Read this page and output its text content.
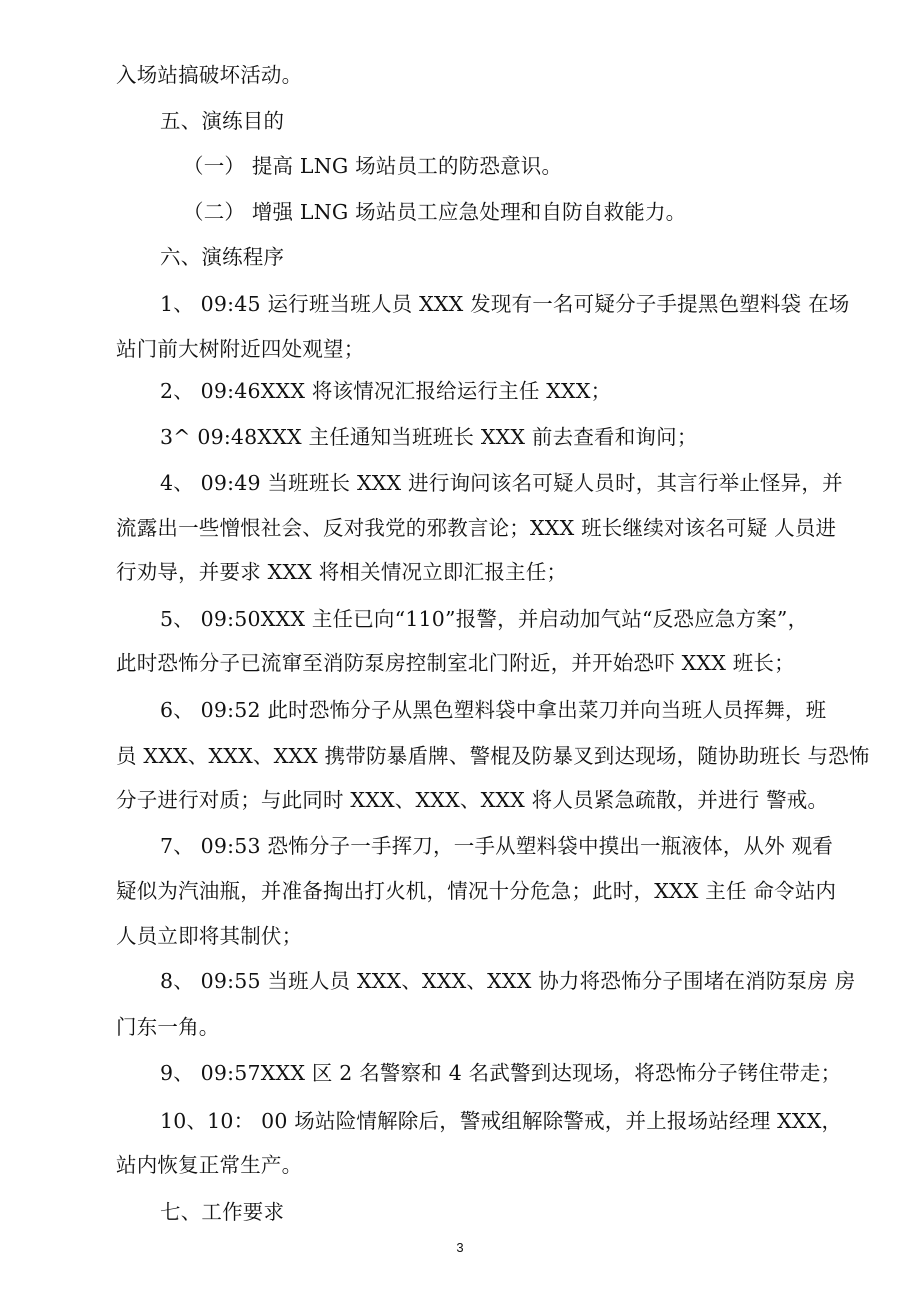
入场站搞破坏活动。
五、演练目的
（一） 提高 LNG 场站员工的防恐意识。
（二） 增强 LNG 场站员工应急处理和自防自救能力。
六、演练程序
1、 09:45 运行班当班人员 XXX 发现有一名可疑分子手提黑色塑料袋 在场
站门前大树附近四处观望；
2、 09:46XXX 将该情况汇报给运行主任 XXX；
3^ 09:48XXX 主任通知当班班长 XXX 前去查看和询问；
4、 09:49 当班班长 XXX 进行询问该名可疑人员时，其言行举止怪异，并
流露出一些憎恨社会、反对我党的邪教言论；XXX 班长继续对该名可疑 人员进
行劝导，并要求 XXX 将相关情况立即汇报主任；
5、 09:50XXX 主任已向“110”报警，并启动加气站“反恐应急方案”，
此时恐怖分子已流窜至消防泵房控制室北门附近，并开始恐吓 XXX 班长；
6、 09:52 此时恐怖分子从黑色塑料袋中拿出菜刀并向当班人员挥舞，班
员 XXX、XXX、XXX 携带防暴盾牌、警棍及防暴叉到达现场，随协助班长 与恐怖
分子进行对质；与此同时 XXX、XXX、XXX 将人员紧急疏散，并进行 警戒。
7、 09:53 恐怖分子一手挥刀，一手从塑料袋中摸出一瓶液体，从外 观看
疑似为汽油瓶，并准备掏出打火机，情况十分危急；此时，XXX 主任 命令站内
人员立即将其制伏；
8、 09:55 当班人员 XXX、XXX、XXX 协力将恐怖分子围堵在消防泵房 房
门东一角。
9、 09:57XXX 区 2 名警察和 4 名武警到达现场，将恐怖分子铐住带走；
10、10： 00 场站险情解除后，警戒组解除警戒，并上报场站经理 XXX，
站内恢复正常生产。
七、工作要求
3
